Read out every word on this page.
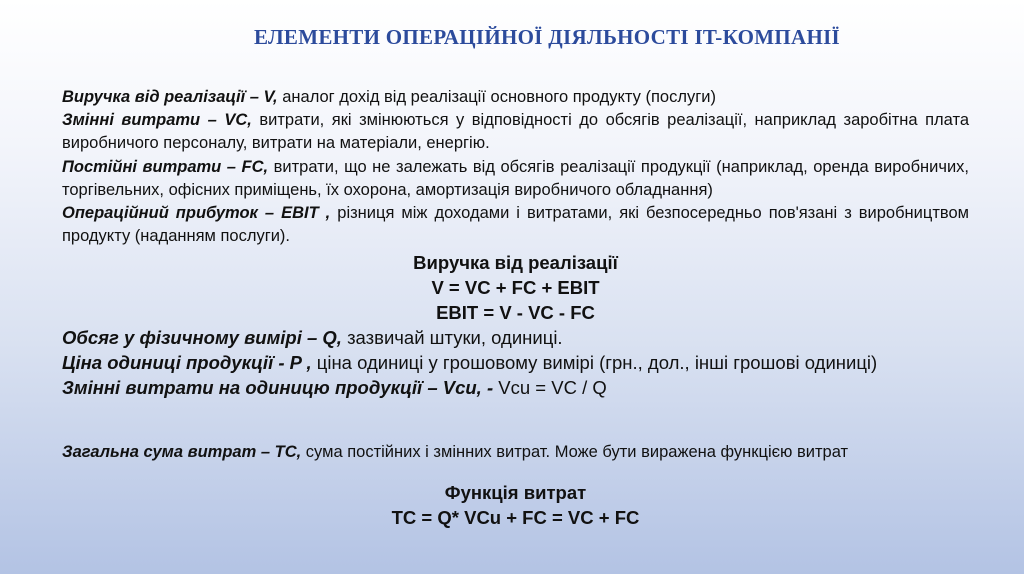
ЕЛЕМЕНТИ ОПЕРАЦІЙНОЇ ДІЯЛЬНОСТІ IT-КОМПАНІЇ

Виручка від реалізації – V, аналог дохід від реалізації основного продукту (послуги)

Змінні витрати – VC, витрати, які змінюються у відповідності до обсягів реалізації, наприклад заробітна плата виробничого персоналу, витрати на матеріали, енергію.

Постійні витрати – FC, витрати, що не залежать від обсягів реалізації продукції (наприклад, оренда виробничих, торгівельних, офісних приміщень, їх охорона, амортизація виробничого обладнання)

Операційний прибуток – EBIT , різниця між доходами і витратами, які безпосередньо пов'язані з виробництвом продукту (наданням послуги).

Виручка від реалізації

V = VC + FC + EBIT

EBIT = V - VC - FC

Обсяг у фізичному вимірі – Q, зазвичай штуки, одиниці.

Ціна одиниці продукції - P , ціна одиниці у грошовому вимірі (грн., дол., інші грошові одиниці)

Змінні витрати на одиницю продукції – Vcu, - Vcu = VC / Q

Загальна сума витрат – TC, сума постійних і змінних витрат. Може бути виражена функцією витрат

Функція витрат

TC = Q* VCu + FC = VC + FC
